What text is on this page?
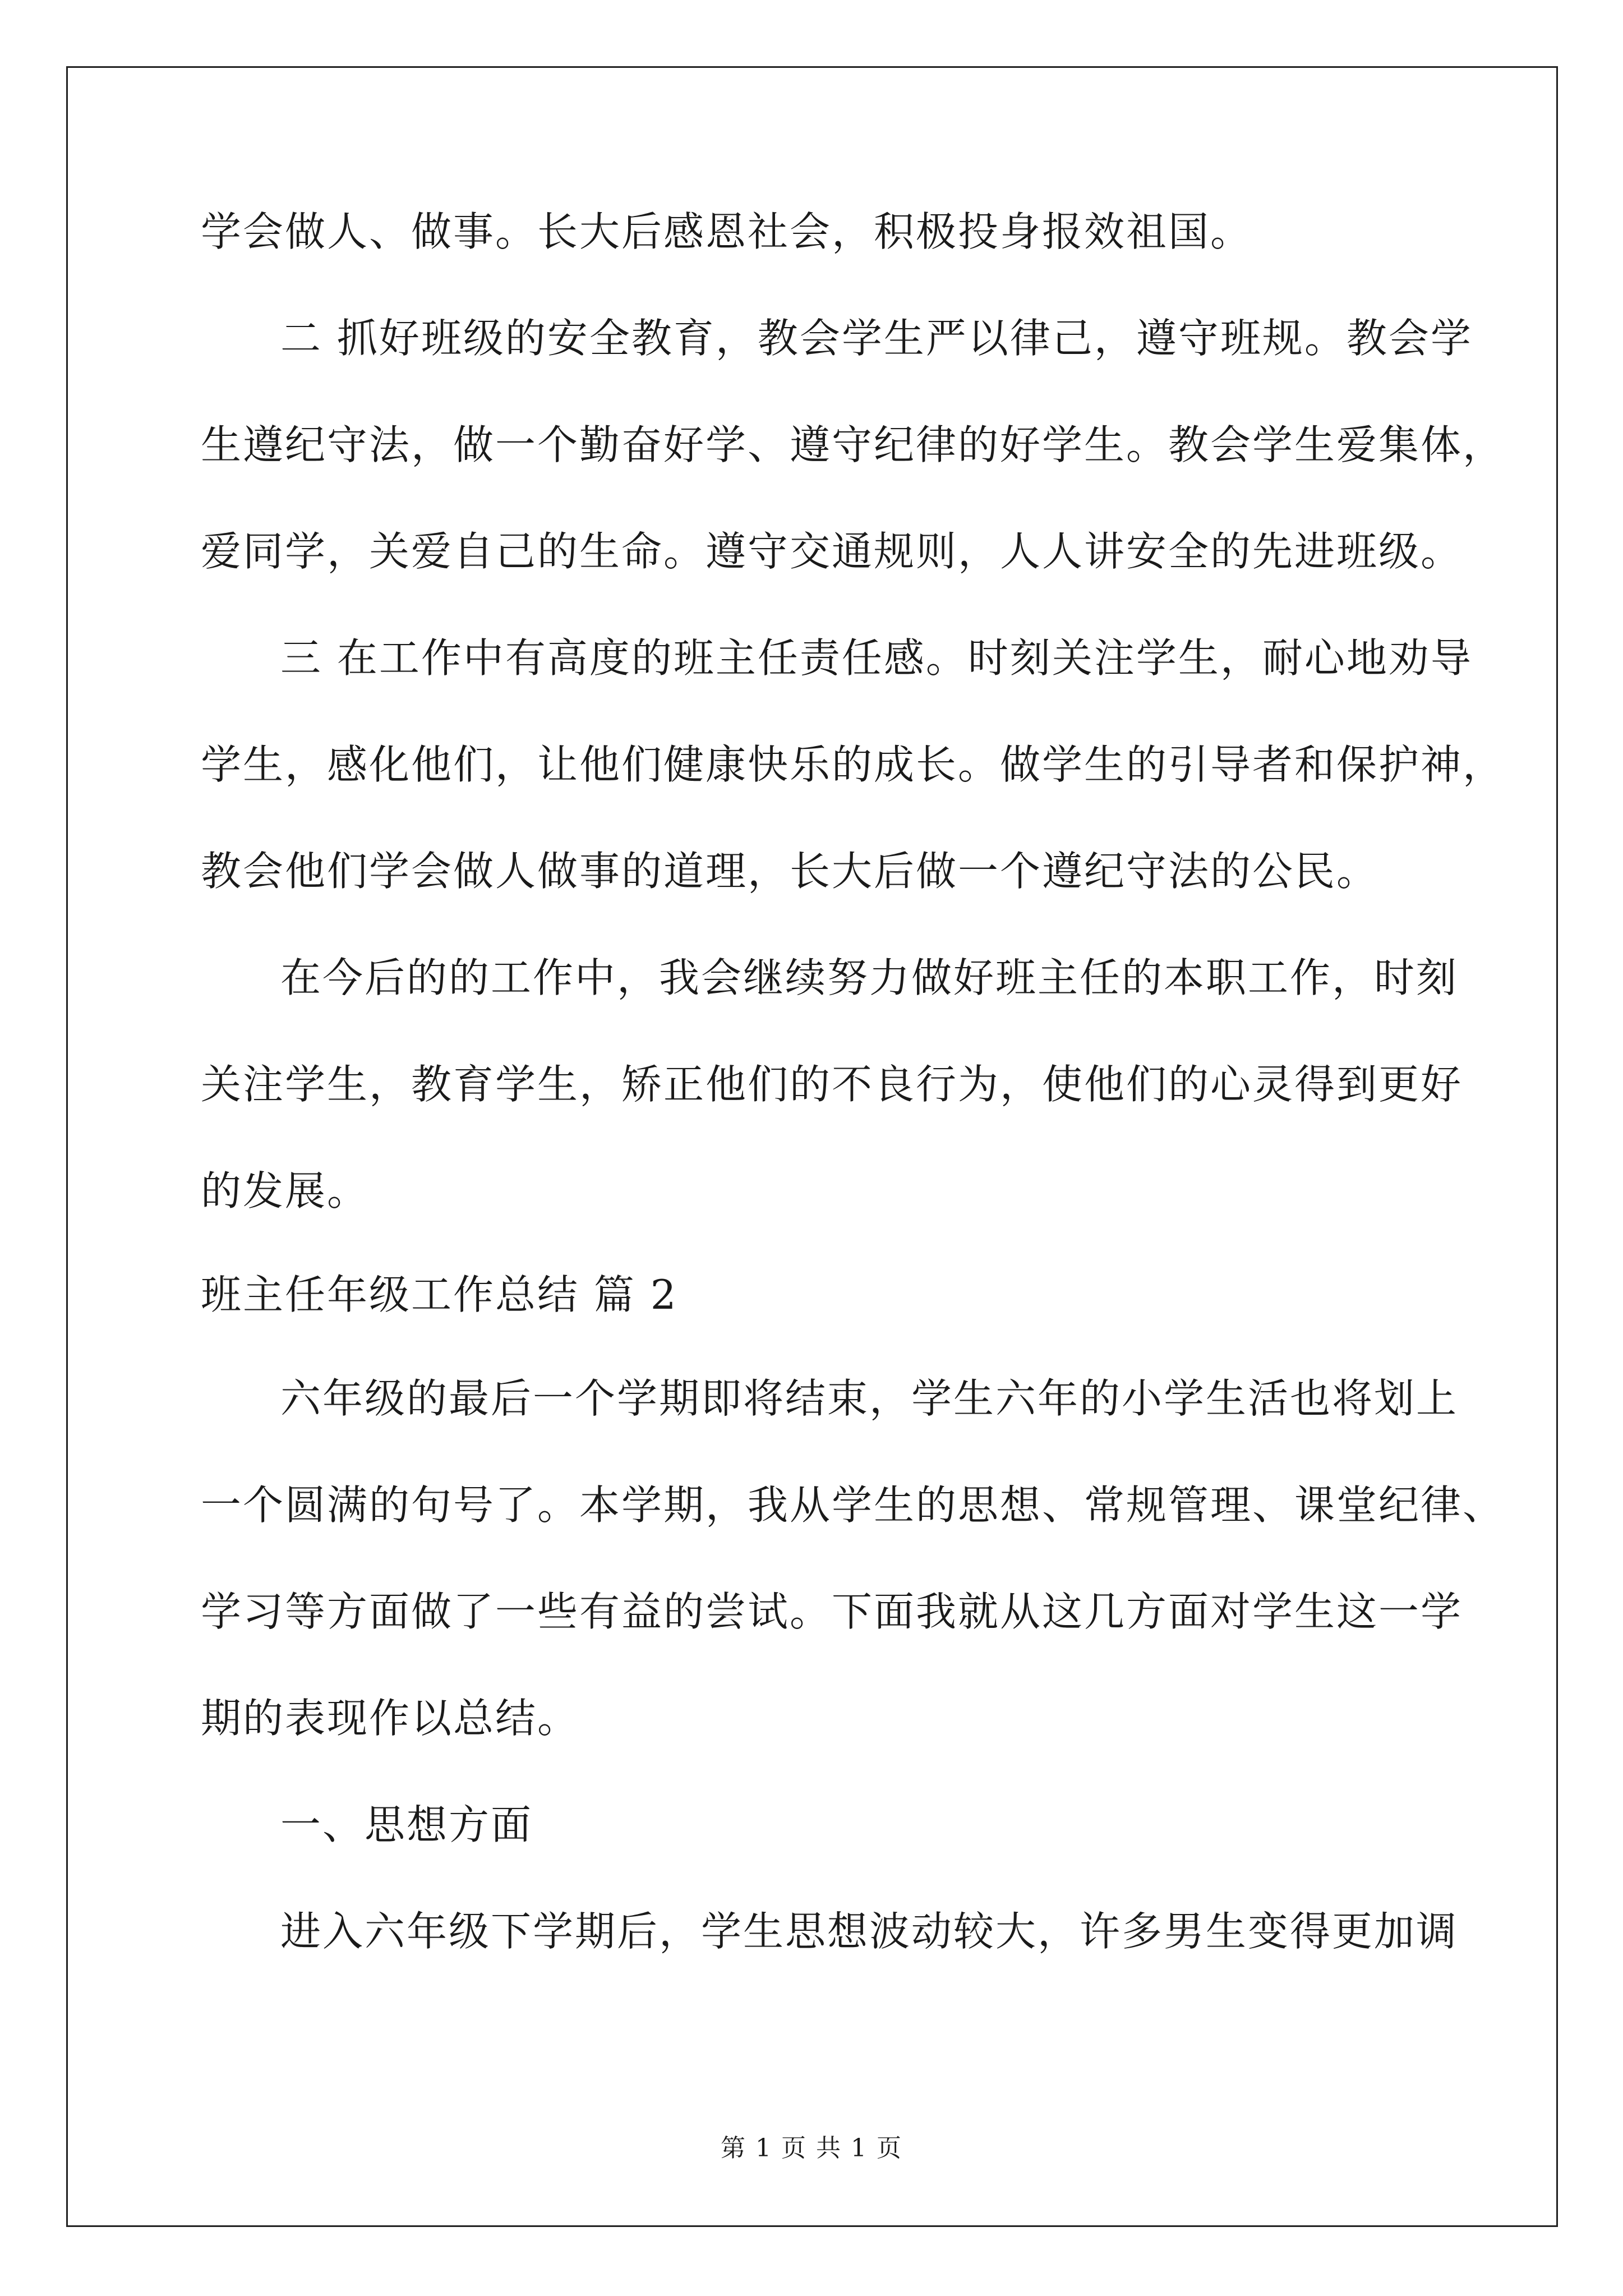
学会做人、做事。长大后感恩社会，积极投身报效祖国。
二 抓好班级的安全教育，教会学生严以律己，遵守班规。教会学
生遵纪守法，做一个勤奋好学、遵守纪律的好学生。教会学生爱集体，
爱同学，关爱自己的生命。遵守交通规则，人人讲安全的先进班级。
三 在工作中有高度的班主任责任感。时刻关注学生，耐心地劝导
学生，感化他们，让他们健康快乐的成长。做学生的引导者和保护神，
教会他们学会做人做事的道理，长大后做一个遵纪守法的公民。
在今后的的工作中，我会继续努力做好班主任的本职工作，时刻
关注学生，教育学生，矫正他们的不良行为，使他们的心灵得到更好
的发展。
班主任年级工作总结 篇 2
六年级的最后一个学期即将结束，学生六年的小学生活也将划上
一个圆满的句号了。本学期，我从学生的思想、常规管理、课堂纪律、
学习等方面做了一些有益的尝试。下面我就从这几方面对学生这一学
期的表现作以总结。
一、思想方面
进入六年级下学期后，学生思想波动较大，许多男生变得更加调
第 1 页 共 1 页
